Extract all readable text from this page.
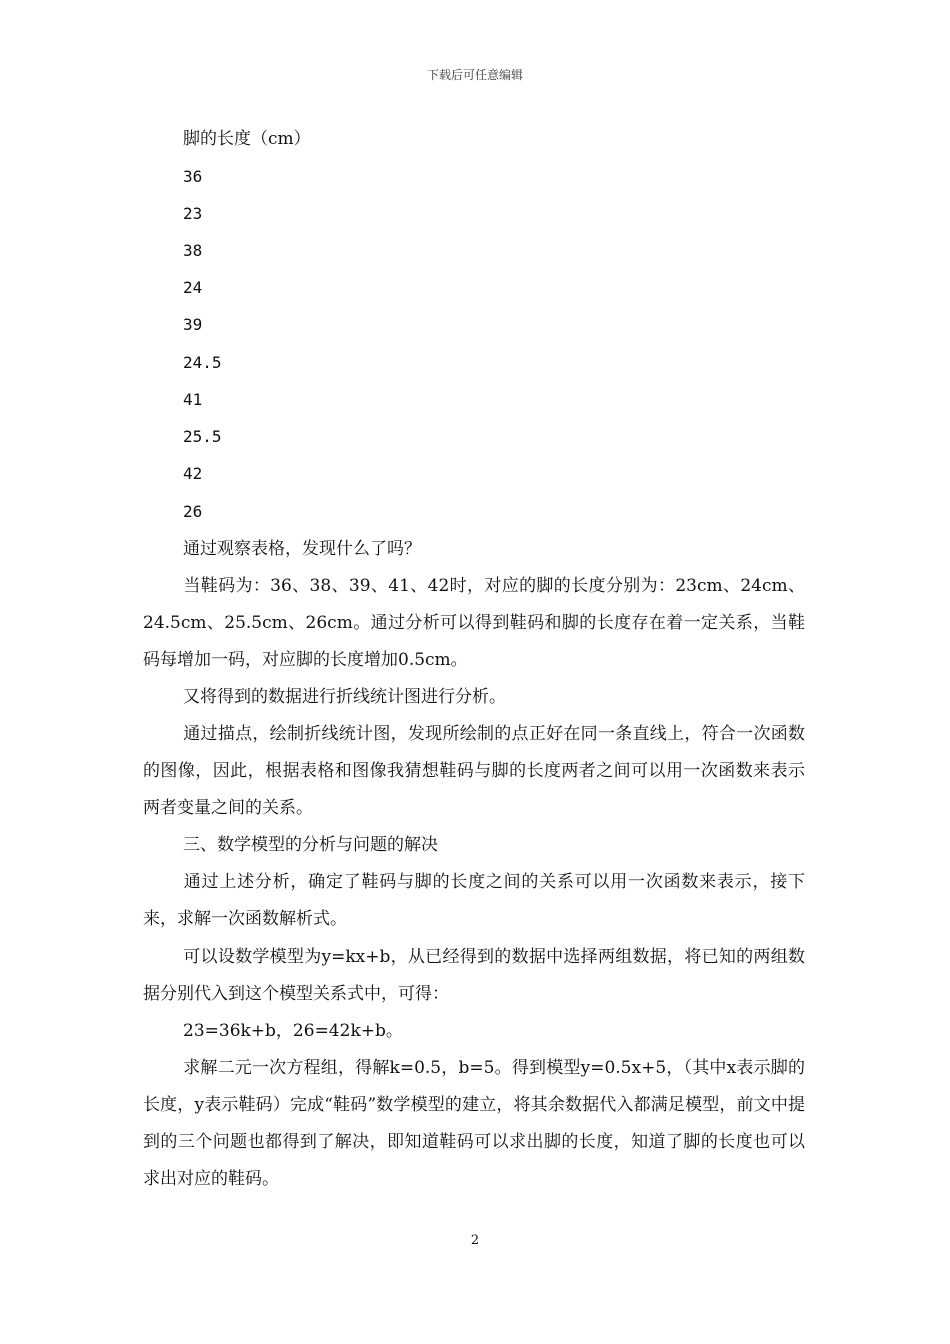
下载后可任意编辑
脚的长度（cm）
36
23
38
24
39
24.5
41
25.5
42
26
通过观察表格，发现什么了吗？
当鞋码为：36、38、39、41、42时，对应的脚的长度分别为：23cm、24cm、24.5cm、25.5cm、26cm。通过分析可以得到鞋码和脚的长度存在着一定关系，当鞋码每增加一码，对应脚的长度增加0.5cm。
又将得到的数据进行折线统计图进行分析。
通过描点，绘制折线统计图，发现所绘制的点正好在同一条直线上，符合一次函数的图像，因此，根据表格和图像我猜想鞋码与脚的长度两者之间可以用一次函数来表示两者变量之间的关系。
三、数学模型的分析与问题的解决
通过上述分析，确定了鞋码与脚的长度之间的关系可以用一次函数来表示，接下来，求解一次函数解析式。
可以设数学模型为y=kx+b，从已经得到的数据中选择两组数据，将已知的两组数据分别代入到这个模型关系式中，可得：
23=36k+b，26=42k+b。
求解二元一次方程组，得解k=0.5，b=5。得到模型y=0.5x+5，（其中x表示脚的长度，y表示鞋码）完成“鞋码”数学模型的建立，将其余数据代入都满足模型，前文中提到的三个问题也都得到了解决，即知道鞋码可以求出脚的长度，知道了脚的长度也可以求出对应的鞋码。
2
